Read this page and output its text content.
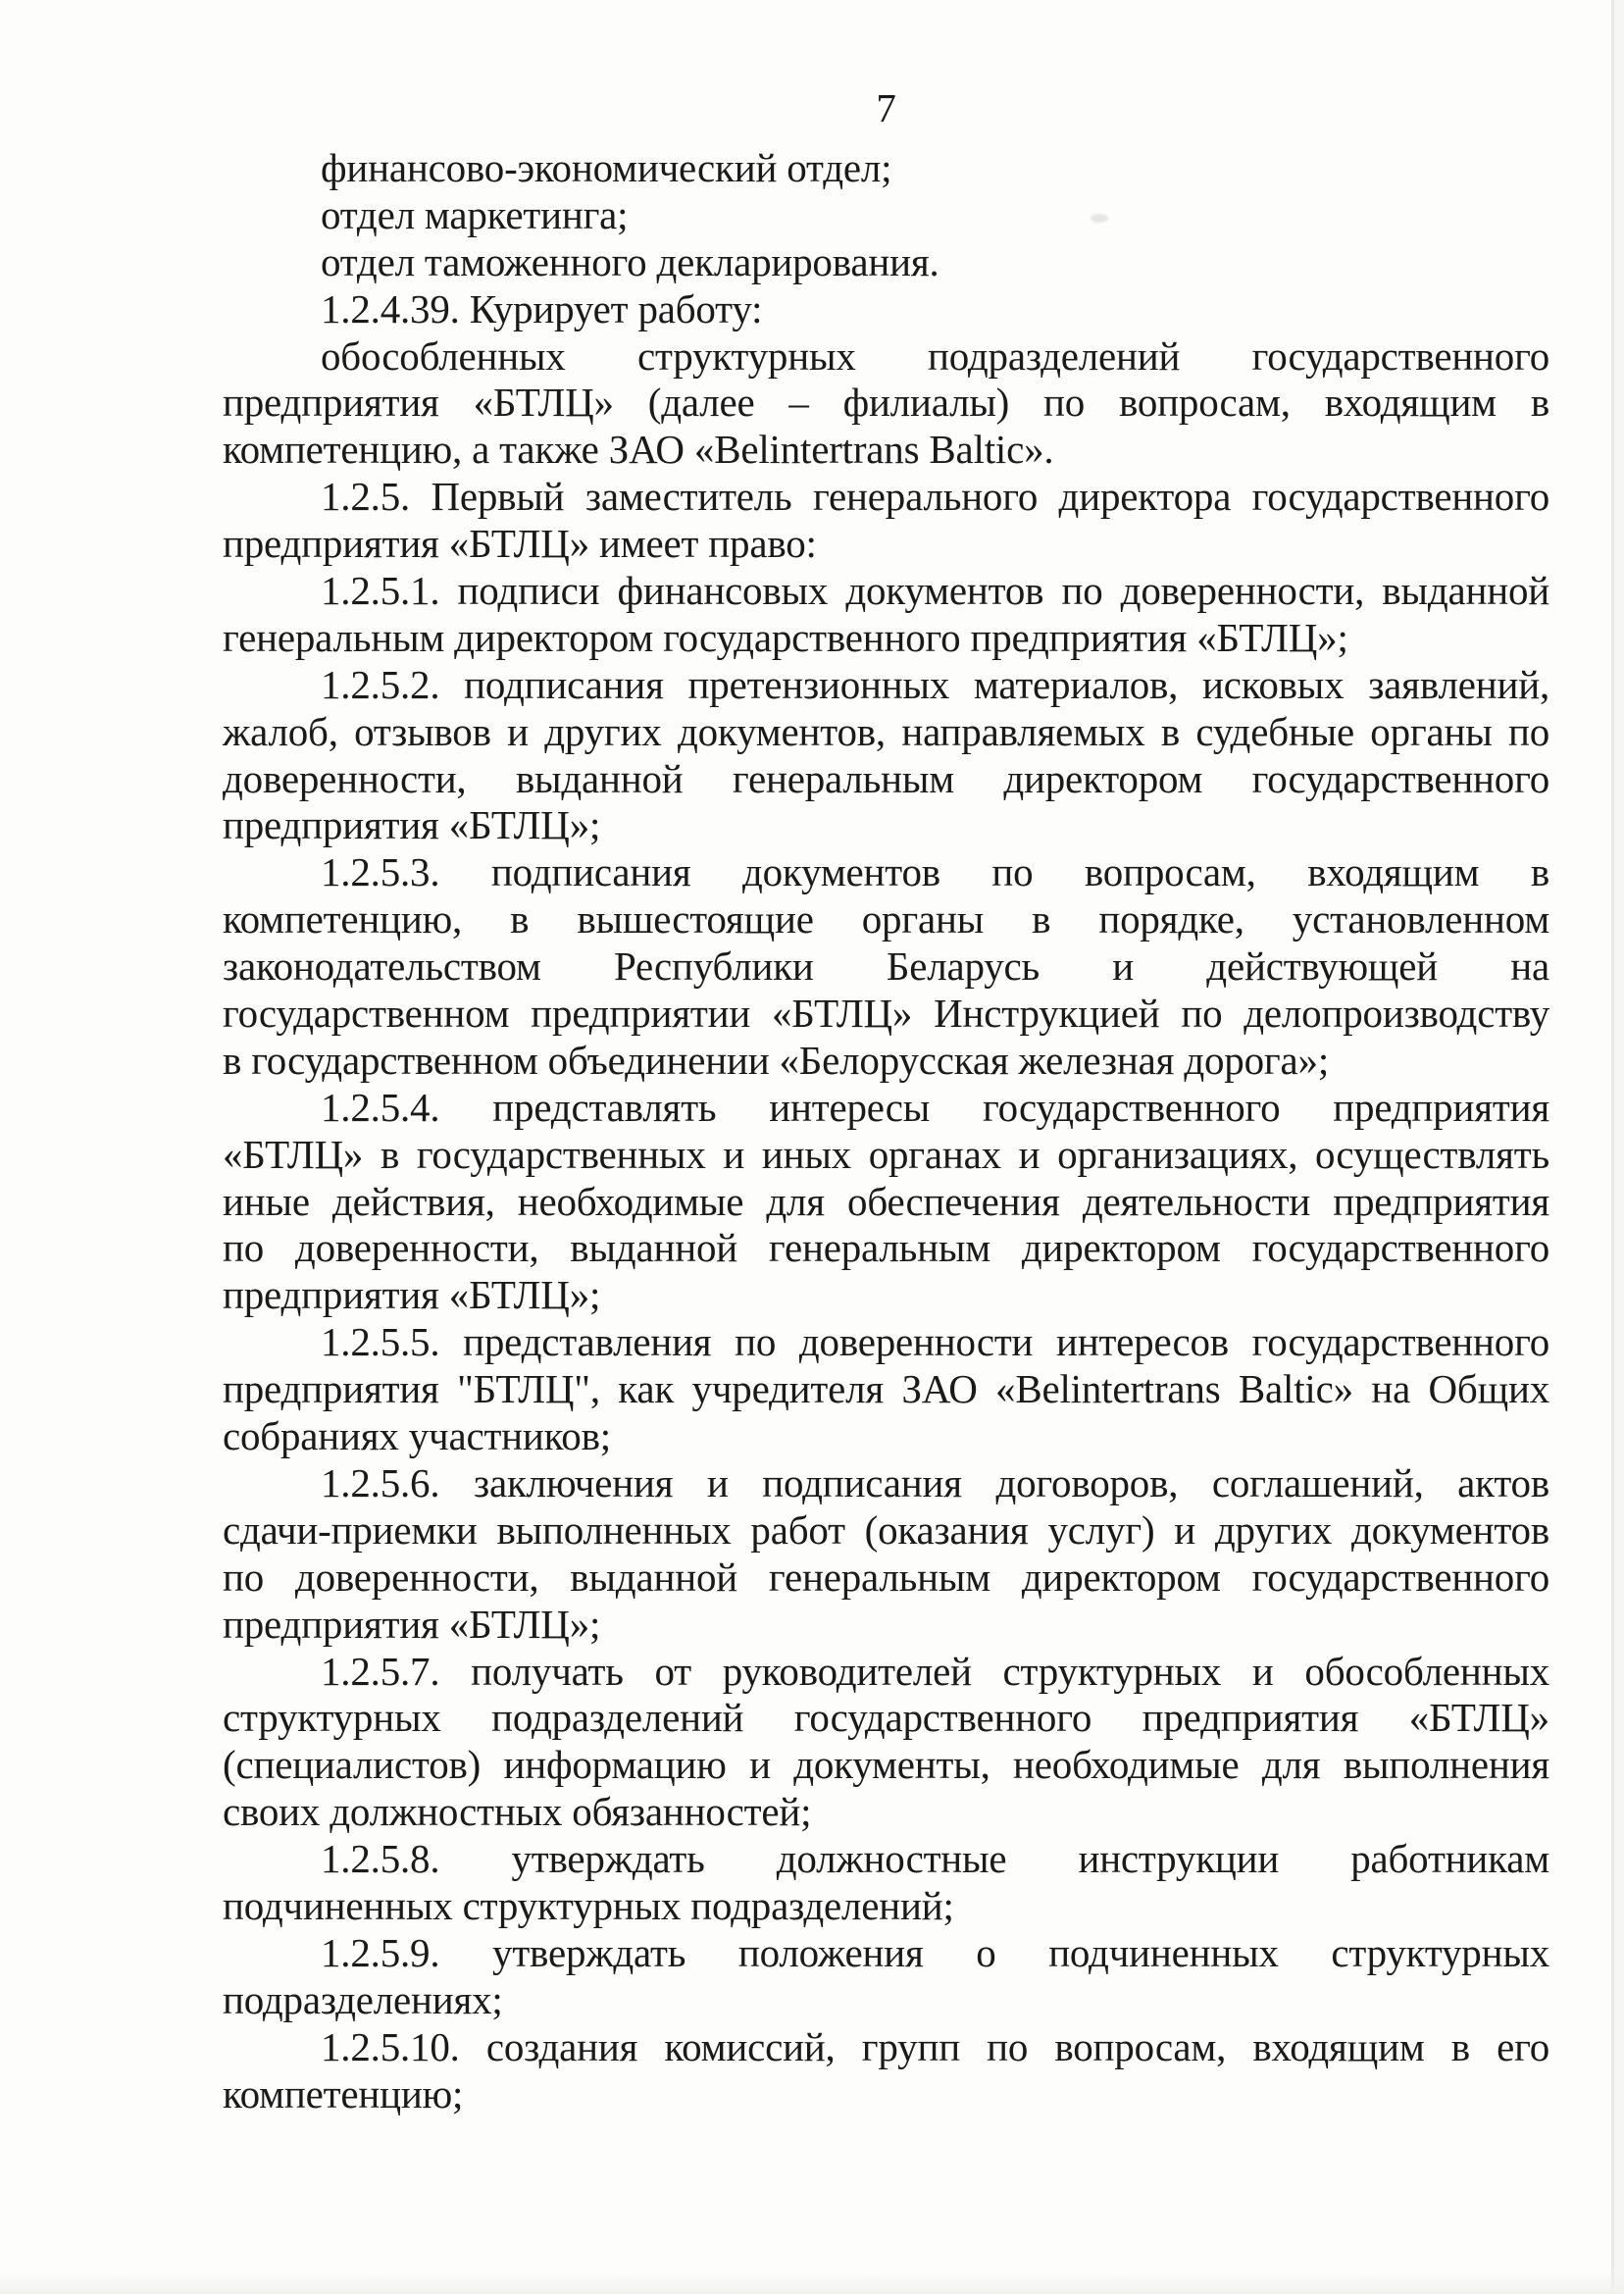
7
финансово-экономический отдел;
отдел маркетинга;
отдел таможенного декларирования.
1.2.4.39. Курирует работу:
обособленных структурных подразделений государственного
предприятия «БТЛЦ» (далее – филиалы) по вопросам, входящим в
компетенцию, а также ЗАО «Belintertrans Baltic».
1.2.5. Первый заместитель генерального директора государственного
предприятия «БТЛЦ» имеет право:
1.2.5.1. подписи финансовых документов по доверенности, выданной
генеральным директором государственного предприятия «БТЛЦ»;
1.2.5.2. подписания претензионных материалов, исковых заявлений,
жалоб, отзывов и других документов, направляемых в судебные органы по
доверенности, выданной генеральным директором государственного
предприятия «БТЛЦ»;
1.2.5.3. подписания документов по вопросам, входящим в
компетенцию, в вышестоящие органы в порядке, установленном
законодательством Республики Беларусь и действующей на
государственном предприятии «БТЛЦ» Инструкцией по делопроизводству
в государственном объединении «Белорусская железная дорога»;
1.2.5.4. представлять интересы государственного предприятия
«БТЛЦ» в государственных и иных органах и организациях, осуществлять
иные действия, необходимые для обеспечения деятельности предприятия
по доверенности, выданной генеральным директором государственного
предприятия «БТЛЦ»;
1.2.5.5. представления по доверенности интересов государственного
предприятия "БТЛЦ", как учредителя ЗАО «Belintertrans Baltic» на Общих
собраниях участников;
1.2.5.6. заключения и подписания договоров, соглашений, актов
сдачи-приемки выполненных работ (оказания услуг) и других документов
по доверенности, выданной генеральным директором государственного
предприятия «БТЛЦ»;
1.2.5.7. получать от руководителей структурных и обособленных
структурных подразделений государственного предприятия «БТЛЦ»
(специалистов) информацию и документы, необходимые для выполнения
своих должностных обязанностей;
1.2.5.8. утверждать должностные инструкции работникам
подчиненных структурных подразделений;
1.2.5.9. утверждать положения о подчиненных структурных
подразделениях;
1.2.5.10. создания комиссий, групп по вопросам, входящим в его
компетенцию;
